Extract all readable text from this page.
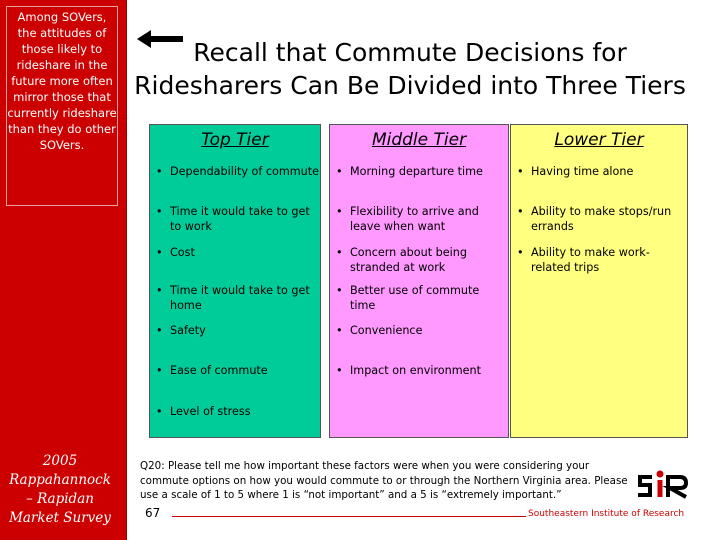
Among SOVers, the attitudes of those likely to rideshare in the future more often mirror those that currently rideshare than they do other SOVers.
2005
Rappahannock
– Rapidan
Market Survey
Recall that Commute Decisions for
Ridesharers Can Be Divided into Three Tiers
Top Tier	Middle Tier	Lower Tier
• Dependability of commute
• Time it would take to get to work
• Cost
• Time it would take to get home
• Safety
• Ease of commute
• Level of stress
• Morning departure time
• Flexibility to arrive and leave when want
• Concern about being stranded at work
• Better use of commute time
• Convenience
• Impact on environment
• Having time alone
• Ability to make stops/run errands
• Ability to make work-related trips
Q20: Please tell me how important these factors were when you were considering your commute options on how you would commute to or through the Northern Virginia area. Please use a scale of 1 to 5 where 1 is “not important” and a 5 is “extremely important.”
67	Southeastern Institute of Research
